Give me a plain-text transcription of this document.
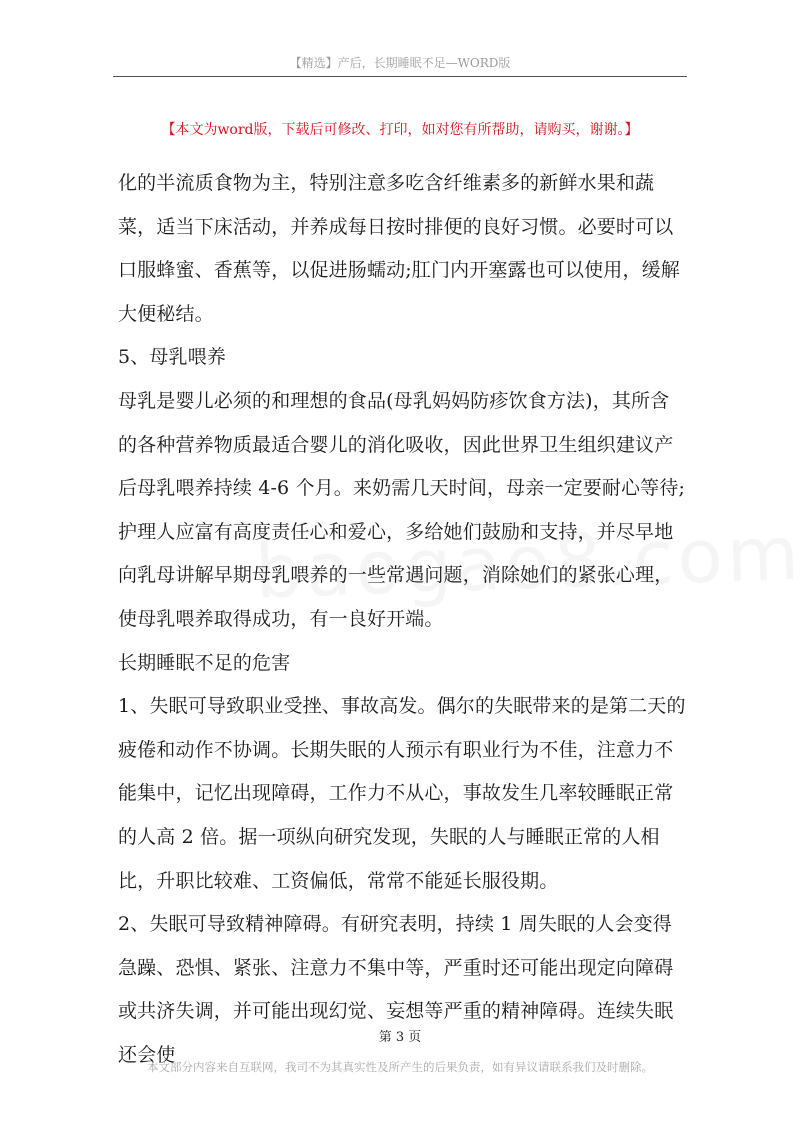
【精选】产后，长期睡眠不足—WORD版
【本文为word版，下载后可修改、打印，如对您有所帮助，请购买，谢谢。】

化的半流质食物为主，特别注意多吃含纤维素多的新鲜水果和蔬菜，适当下床活动，并养成每日按时排便的良好习惯。必要时可以口服蜂蜜、香蕉等，以促进肠蠕动;肛门内开塞露也可以使用，缓解大便秘结。

5、母乳喂养

母乳是婴儿必须的和理想的食品(母乳妈妈防疹饮食方法)，其所含的各种营养物质最适合婴儿的消化吸收，因此世界卫生组织建议产后母乳喂养持续 4-6 个月。来奶需几天时间，母亲一定要耐心等待;护理人应富有高度责任心和爱心，多给她们鼓励和支持，并尽早地向乳母讲解早期母乳喂养的一些常遇问题，消除她们的紧张心理，使母乳喂养取得成功，有一良好开端。

长期睡眠不足的危害

1、失眠可导致职业受挫、事故高发。偶尔的失眠带来的是第二天的疲倦和动作不协调。长期失眠的人预示有职业行为不佳，注意力不能集中，记忆出现障碍，工作力不从心，事故发生几率较睡眠正常的人高 2 倍。据一项纵向研究发现，失眠的人与睡眠正常的人相比，升职比较难、工资偏低，常常不能延长服役期。

2、失眠可导致精神障碍。有研究表明，持续 1 周失眠的人会变得急躁、恐惧、紧张、注意力不集中等，严重时还可能出现定向障碍或共济失调，并可能出现幻觉、妄想等严重的精神障碍。连续失眠还会使

第 3 页
本文部分内容来自互联网，我司不为其真实性及所产生的后果负责，如有异议请联系我们及时删除。
